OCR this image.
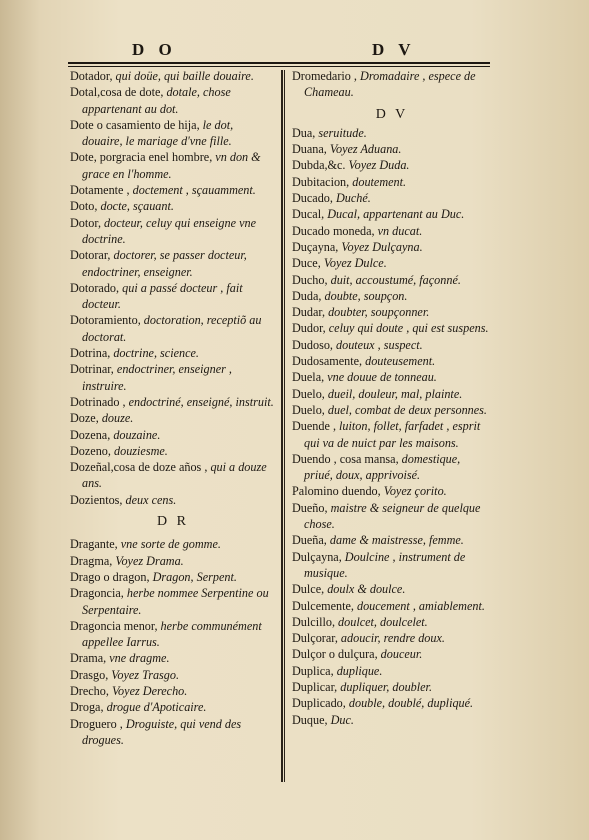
D O	D V

Dotador, qui doüe, qui baille douaire.

Dotal,cosa de dote, dotale, chose appartenant au dot.

Dote o casamiento de hija, le dot, douaire, le mariage d'vne fille.

Dote, porgracia enel hombre, vn don & grace en l'homme.

Dotamente , doctement , sçauamment.

Doto, docte, sçauant.

Dotor, docteur, celuy qui enseigne vne doctrine.

Dotorar, doctorer, se passer docteur, endoctriner, enseigner.

Dotorado, qui a passé docteur , fait docteur.

Dotoramiento, doctoration, receptiõ au doctorat.

Dotrina, doctrine, science.

Dotrinar, endoctriner, enseigner , instruire.

Dotrinado , endoctriné, enseigné, instruit.

Doze, douze.

Dozena, douzaine.

Dozeno, douziesme.

Dozeñal,cosa de doze años , qui a douze ans.

Dozientos, deux cens.

D R

Dragante, vne sorte de gomme.

Dragma, Voyez Drama.

Drago o dragon, Dragon, Serpent.

Dragoncia, herbe nommee Serpentine ou Serpentaire.

Dragoncia menor, herbe communément appellee Iarrus.

Drama, vne dragme.

Drasgo, Voyez Trasgo.

Drecho, Voyez Derecho.

Droga, drogue d'Apoticaire.

Droguero , Droguiste, qui vend des drogues.

Dromedario , Dromadaire , espece de Chameau.

D V

Dua, seruitude.

Duana, Voyez Aduana.

Dubda,&c. Voyez Duda.

Dubitacion, doutement.

Ducado, Duché.

Ducal, Ducal, appartenant au Duc.

Ducado moneda, vn ducat.

Duçayna, Voyez Dulçayna.

Duce, Voyez Dulce.

Ducho, duit, accoustumé, façonné.

Duda, doubte, soupçon.

Dudar, doubter, soupçonner.

Dudor, celuy qui doute , qui est suspens.

Dudoso, douteux , suspect.

Dudosamente, douteusement.

Duela, vne douue de tonneau.

Duelo, dueil, douleur, mal, plainte.

Duelo, duel, combat de deux personnes.

Duende , luiton, follet, farfadet , esprit qui va de nuict par les maisons.

Duendo , cosa mansa, domestique, priué, doux, apprivoisé.

Palomino duendo, Voyez çorito.

Dueño, maistre & seigneur de quelque chose.

Dueña, dame & maistresse, femme.

Dulçayna, Doulcine , instrument de musique.

Dulce, doulx & doulce.

Dulcemente, doucement , amiablement.

Dulcillo, doulcet, doulcelet.

Dulçorar, adoucir, rendre doux.

Dulçor o dulçura, douceur.

Duplica, duplique.

Duplicar, dupliquer, doubler.

Duplicado, double, doublé, dupliqué.

Duque, Duc.
